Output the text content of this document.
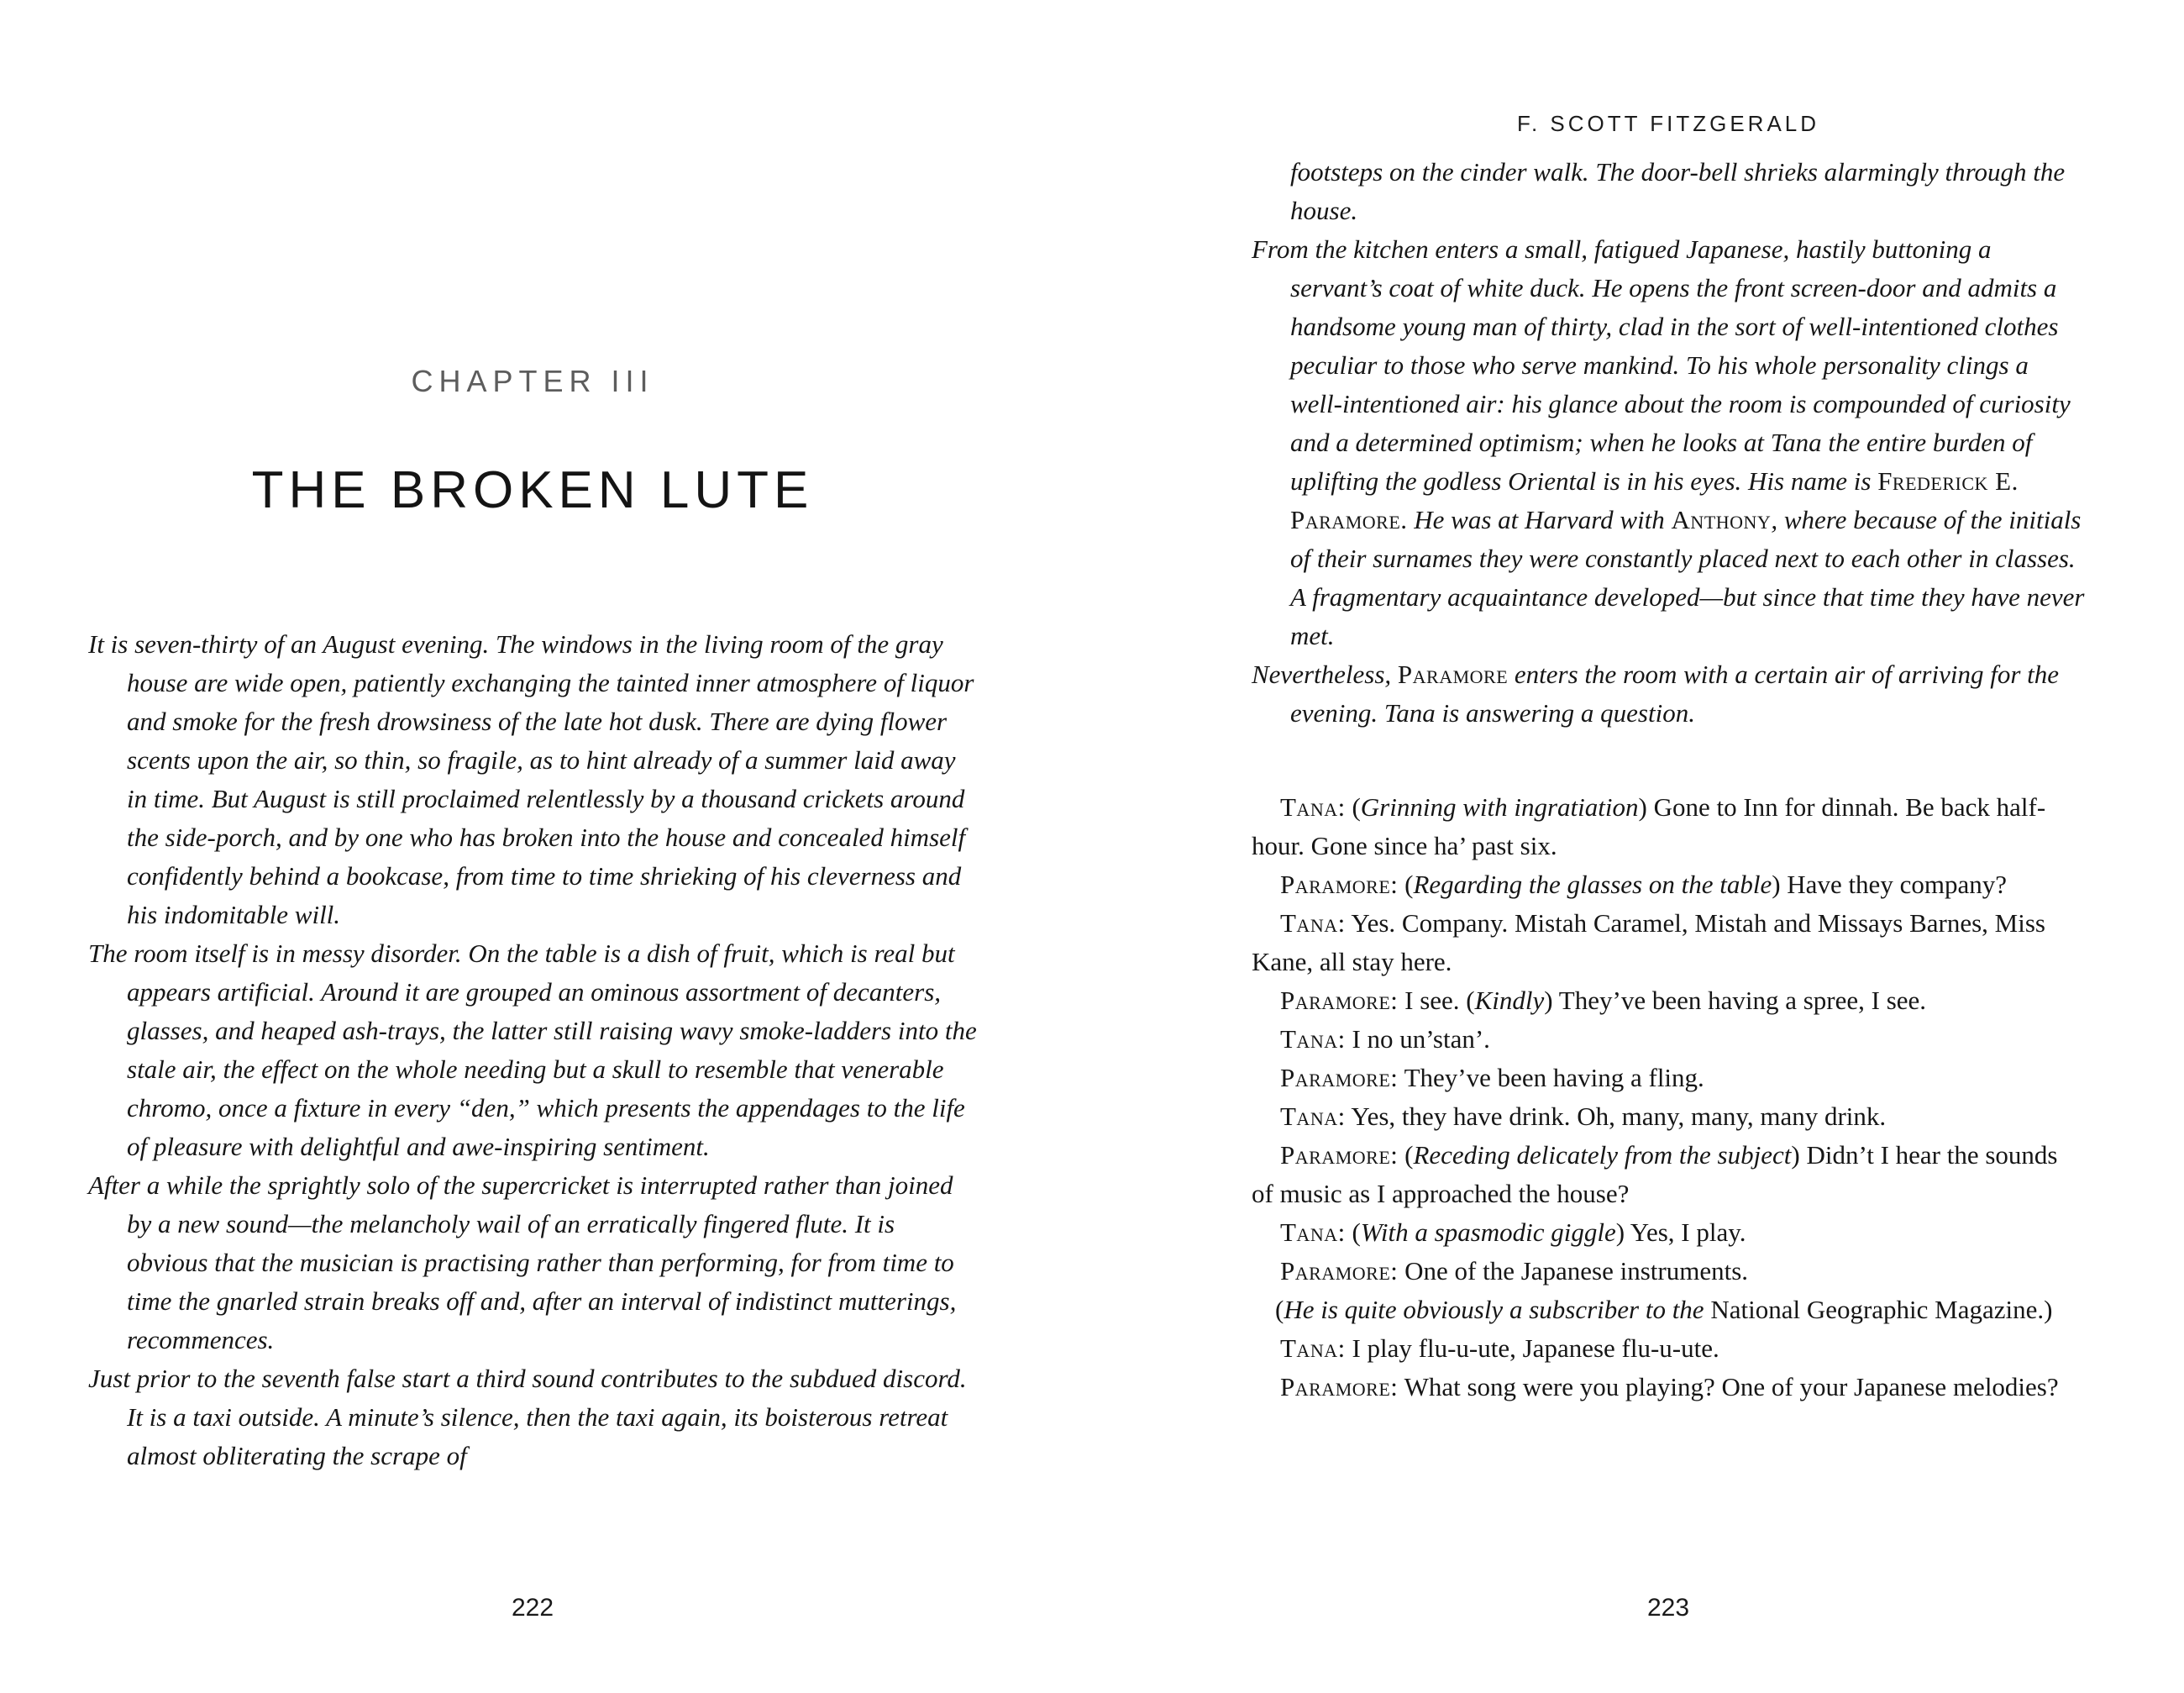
CHAPTER III
THE BROKEN LUTE

It is seven-thirty of an August evening. The windows in the living room of the gray house are wide open, patiently exchanging the tainted inner atmosphere of liquor and smoke for the fresh drowsiness of the late hot dusk. There are dying flower scents upon the air, so thin, so fragile, as to hint already of a summer laid away in time. But August is still proclaimed relentlessly by a thousand crickets around the side-porch, and by one who has broken into the house and concealed himself confidently behind a bookcase, from time to time shrieking of his cleverness and his indomitable will.

The room itself is in messy disorder. On the table is a dish of fruit, which is real but appears artificial. Around it are grouped an ominous assortment of decanters, glasses, and heaped ash-trays, the latter still raising wavy smoke-ladders into the stale air, the effect on the whole needing but a skull to resemble that venerable chromo, once a fixture in every “den,” which presents the appendages to the life of pleasure with delightful and awe-inspiring sentiment.

After a while the sprightly solo of the supercricket is interrupted rather than joined by a new sound—the melancholy wail of an erratically fingered flute. It is obvious that the musician is practising rather than performing, for from time to time the gnarled strain breaks off and, after an interval of indistinct mutterings, recommences.

Just prior to the seventh false start a third sound contributes to the subdued discord. It is a taxi outside. A minute’s silence, then the taxi again, its boisterous retreat almost obliterating the scrape of

222
F. SCOTT FITZGERALD

footsteps on the cinder walk. The door-bell shrieks alarmingly through the house.

From the kitchen enters a small, fatigued Japanese, hastily buttoning a servant’s coat of white duck. He opens the front screen-door and admits a handsome young man of thirty, clad in the sort of well-intentioned clothes peculiar to those who serve mankind. To his whole personality clings a well-intentioned air: his glance about the room is compounded of curiosity and a determined optimism; when he looks at Tana the entire burden of uplifting the godless Oriental is in his eyes. His name is Frederick E. Paramore. He was at Harvard with Anthony, where because of the initials of their surnames they were constantly placed next to each other in classes. A fragmentary acquaintance developed—but since that time they have never met.

Nevertheless, Paramore enters the room with a certain air of arriving for the evening. Tana is answering a question.

Tana: (Grinning with ingratiation) Gone to Inn for dinnah. Be back half-hour. Gone since ha’ past six.

Paramore: (Regarding the glasses on the table) Have they company?

Tana: Yes. Company. Mistah Caramel, Mistah and Missays Barnes, Miss Kane, all stay here.

Paramore: I see. (Kindly) They’ve been having a spree, I see.

Tana: I no un’stan’.

Paramore: They’ve been having a fling.

Tana: Yes, they have drink. Oh, many, many, many drink.

Paramore: (Receding delicately from the subject) Didn’t I hear the sounds of music as I approached the house?

Tana: (With a spasmodic giggle) Yes, I play.

Paramore: One of the Japanese instruments.

(He is quite obviously a subscriber to the National Geographic Magazine.)

Tana: I play flu-u-ute, Japanese flu-u-ute.

Paramore: What song were you playing? One of your Japanese melodies?

223
